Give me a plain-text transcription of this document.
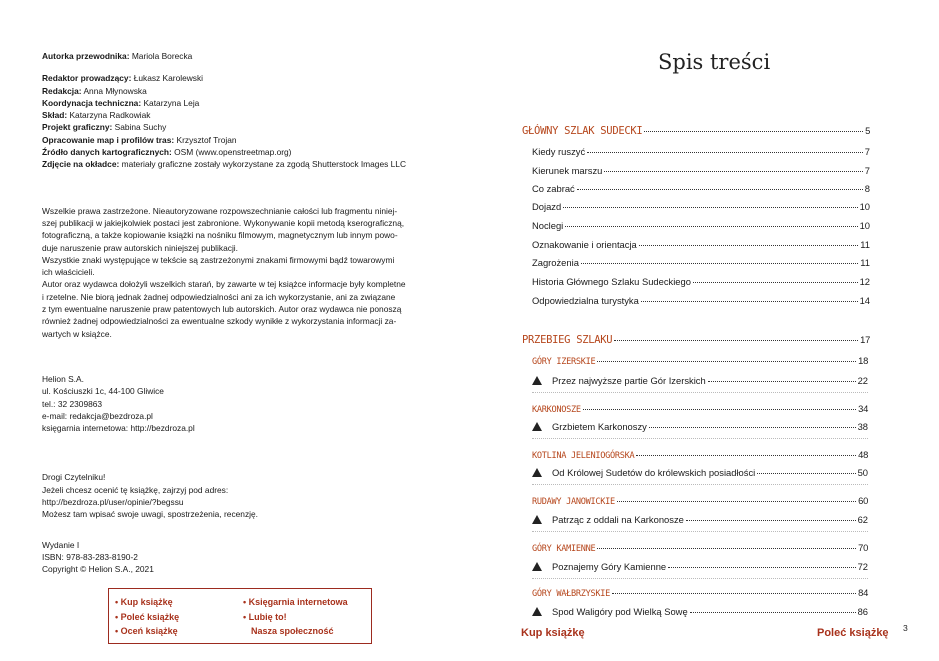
Autorka przewodnika: Mariola Borecka
Redaktor prowadzący: Łukasz Karolewski
Redakcja: Anna Młynowska
Koordynacja techniczna: Katarzyna Leja
Skład: Katarzyna Radkowiak
Projekt graficzny: Sabina Suchy
Opracowanie map i profilów tras: Krzysztof Trojan
Źródło danych kartograficznych: OSM (www.openstreetmap.org)
Zdjęcie na okładce: materiały graficzne zostały wykorzystane za zgodą Shutterstock Images LLC

Wszelkie prawa zastrzeżone. Nieautoryzowane rozpowszechnianie całości lub fragmentu niniej-

szej publikacji w jakiejkolwiek postaci jest zabronione. Wykonywanie kopii metodą kserograficzną,

fotograficzną, a także kopiowanie książki na nośniku filmowym, magnetycznym lub innym powo-

duje naruszenie praw autorskich niniejszej publikacji.

Wszystkie znaki występujące w tekście są zastrzeżonymi znakami firmowymi bądź towarowymi

ich właścicieli.

Autor oraz wydawca dołożyli wszelkich starań, by zawarte w tej książce informacje były kompletne

i rzetelne. Nie biorą jednak żadnej odpowiedzialności ani za ich wykorzystanie, ani za związane

z tym ewentualne naruszenie praw patentowych lub autorskich. Autor oraz wydawca nie ponoszą

również żadnej odpowiedzialności za ewentualne szkody wynikłe z wykorzystania informacji za-

wartych w książce.

Helion S.A.
ul. Kościuszki 1c, 44-100 Gliwice
tel.: 32 2309863
e-mail: redakcja@bezdroza.pl
księgarnia internetowa: http://bezdroza.pl
Drogi Czytelniku!
Jeżeli chcesz ocenić tę książkę, zajrzyj pod adres:
http://bezdroza.pl/user/opinie/?begssu
Możesz tam wpisać swoje uwagi, spostrzeżenia, recenzję.
Wydanie I
ISBN: 978-83-283-8190-2
Copyright © Helion S.A., 2021
• Kup książkę
• Poleć książkę
• Oceń książkę
• Księgarnia internetowa
• Lubię to!
Nasza społeczność
Spis treści
GŁÓWNY SZLAK SUDECKI	5
Kiedy ruszyć	7
Kierunek marszu	7
Co zabrać	8
Dojazd	10
Noclegi	10
Oznakowanie i orientacja	11
Zagrożenia	11
Historia Głównego Szlaku Sudeckiego	12
Odpowiedzialna turystyka	14
PRZEBIEG SZLAKU	17
GÓRY IZERSKIE	18
Przez najwyższe partie Gór Izerskich	22
KARKONOSZE	34
Grzbietem Karkonoszy	38
KOTLINA JELENIOGÓRSKA	48
Od Królowej Sudetów do królewskich posiadłości	50
RUDAWY JANOWICKIE	60
Patrząc z oddali na Karkonosze	62
GÓRY KAMIENNE	70
Poznajemy Góry Kamienne	72
GÓRY WAŁBRZYSKIE	84
Spod Waligóry pod Wielką Sowę	86
Kup książkę	Poleć książkę 3
